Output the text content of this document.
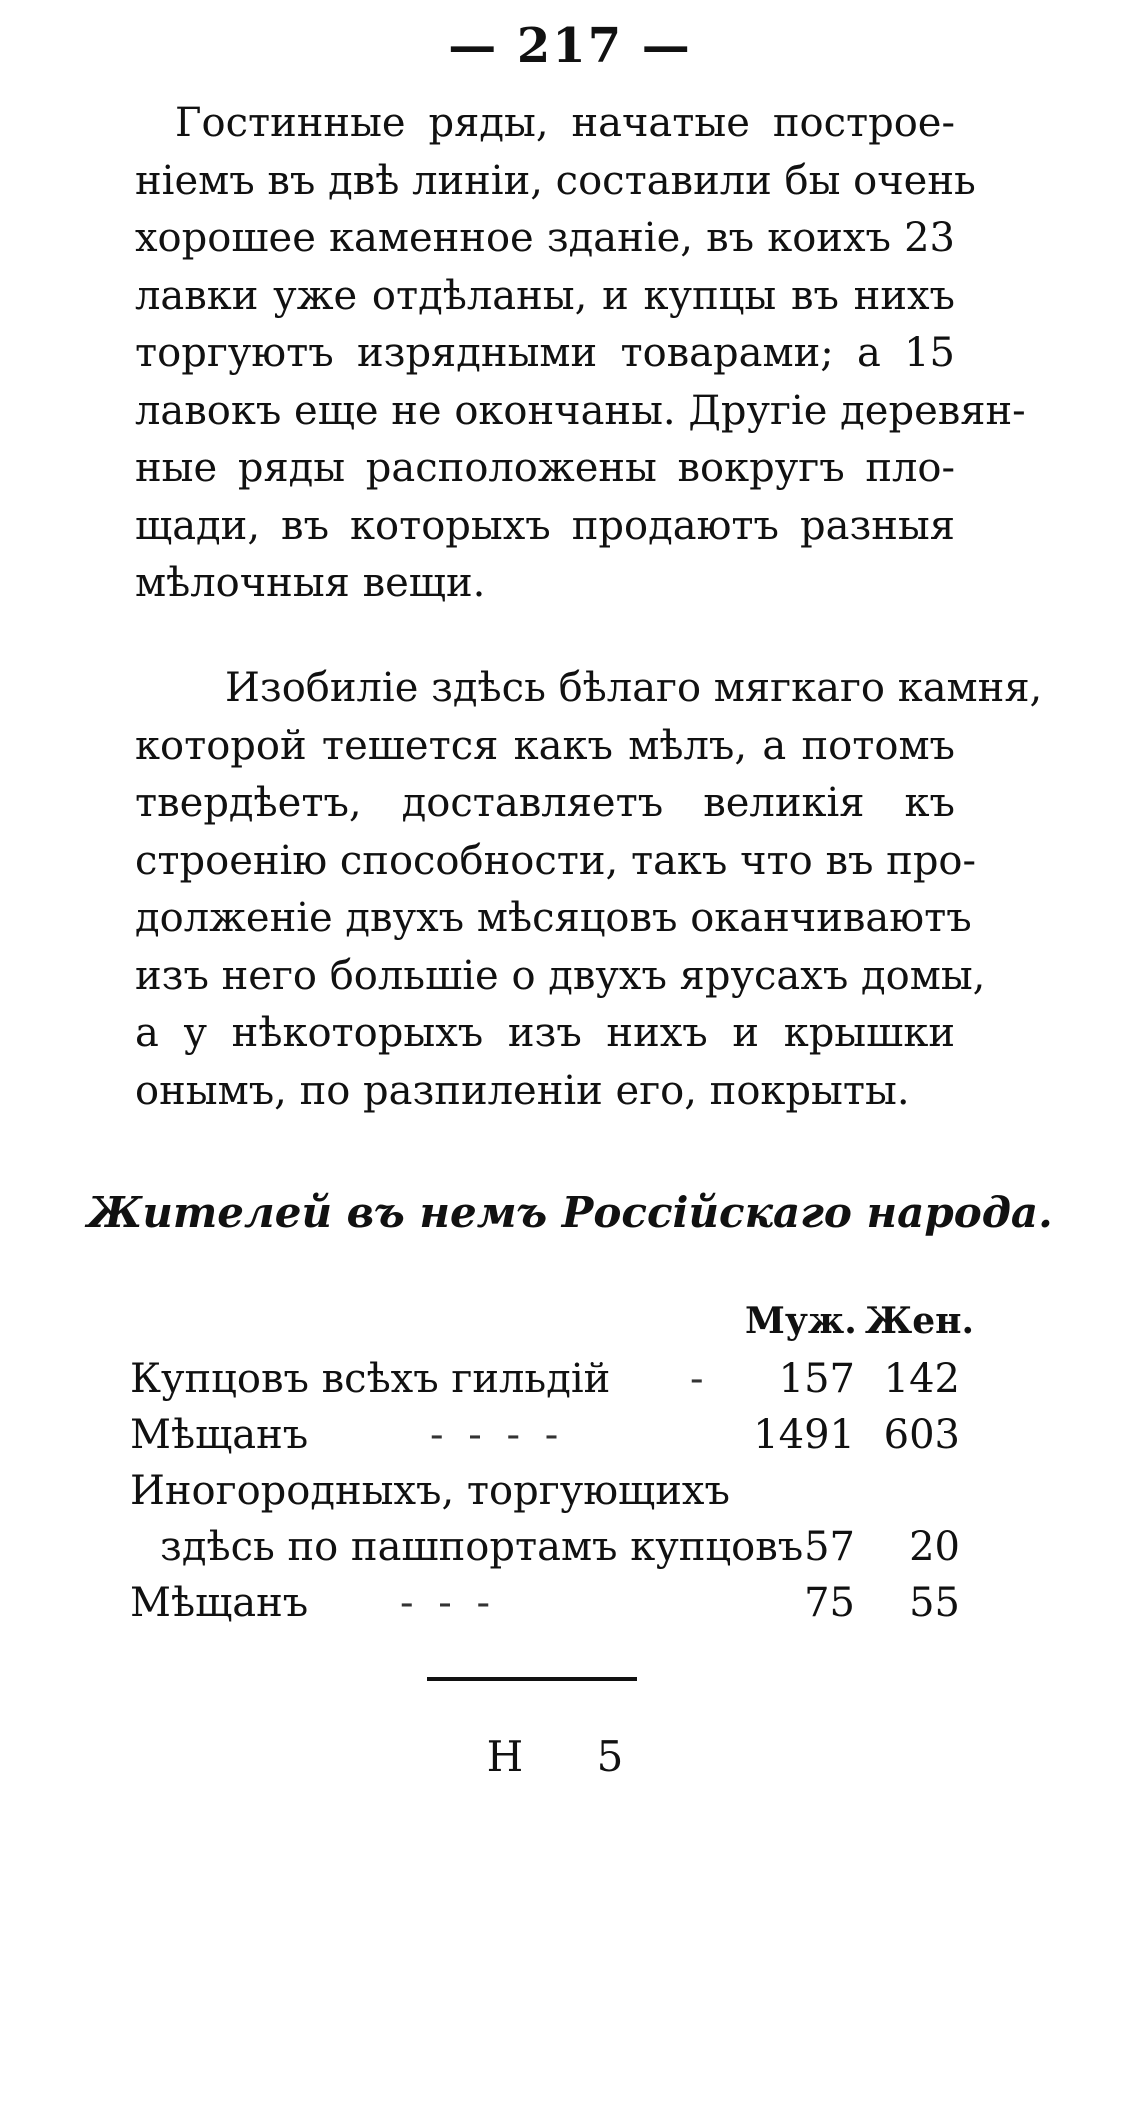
— 217 —
Гостинные ряды, начатые построе-
ніемъ въ двѣ линіи, составили бы очень
хорошее каменное зданіе, въ коихъ 23
лавки уже отдѣланы, и купцы въ нихъ
торгуютъ изрядными товарами; а 15
лавокъ еще не окончаны. Другіе деревян-
ные ряды расположены вокругъ пло-
щади, въ которыхъ продаютъ разныя
мѣлочныя вещи.
Изобиліе здѣсь бѣлаго мягкаго камня,
которой тешется какъ мѣлъ, а потомъ
твердѣетъ, доставляетъ великія къ
строенію способности, такъ что въ про-
долженіе двухъ мѣсяцовъ оканчиваютъ
изъ него большіе о двухъ ярусахъ домы,
а у нѣкоторыхъ изъ нихъ и крышки
онымъ, по разпиленіи его, покрыты.
Жителей въ немъ Россійскаго народа.
Муж. Жен.
Купцовъ всѣхъ гильдій -	157 142
Мѣщанъ	- - - -	1491 603
Иногородныхъ, торгующихъ
здѣсь по пашпортамъ купцовъ 57	20
Мѣщанъ - - -	75	55
Н 5
